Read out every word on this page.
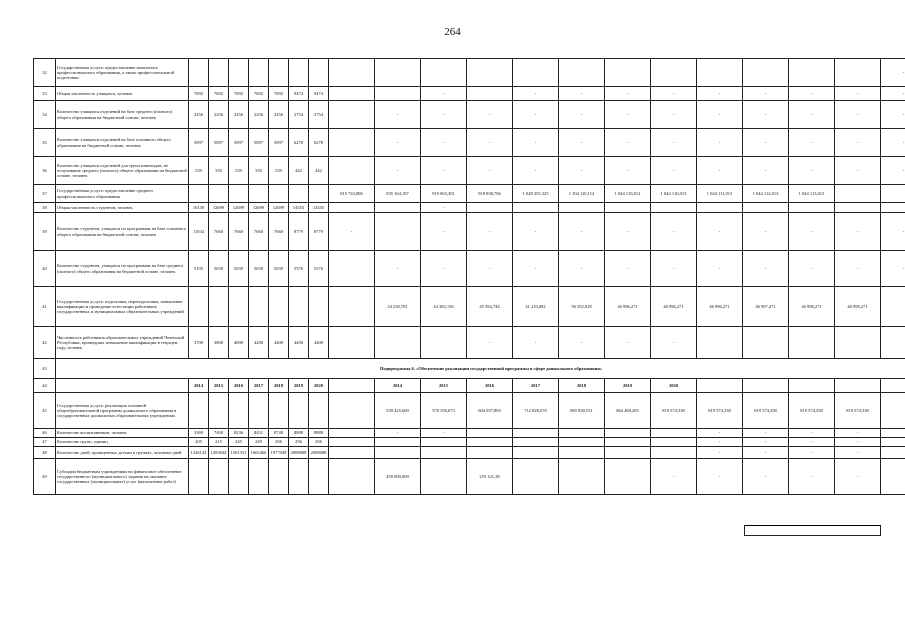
264
32	Государственная услуга: предоставление начального профессионального образования, а также профессиональной подготовки																				-
33	Общая численность учащихся, человек	7692	7692	7692	7692	7692	9474	9474			-		-	-	-	-	-	-	-	-	-
34	Количество учащихся отделений на базе среднего (полного) общего образования на бюджетной основе, человек	2256	2256	2256	2256	2256	2754	2754		-	-	-	-	-	-	-	-	-	-	-	-
35	Количество учащихся отделений на базе основного общего образования на бюджетной основе, человек	5097	5097	5097	5097	5097	6278	6278		-	-	-	-	-	-	-	-	-	-	-	-
36	Количество учащихся отделений для групп инвалидов, не получившие среднего (полного) общего образования на бюджетной основе, человек	339	339	339	339	339	442	442		-	-	-	-	-	-	-	-	-	-	-	-
37	Государственная услуга: предоставление среднего профессионального образования								815 743,886	835 164,187	819 063,301	918 838,706	1 028 355,325	1 104 110,112	1 044 110,012	1 044 110,013	1 044 111,013	1 044 112,013	1 044 113,013		
38	Общая численность студентов, человек	16139	12699	12699	12699	12699	14355	14355			-										
39	Количество студентов, учащихся по программам на базе основного общего образования на бюджетной основе, человек	11034	7660	7660	7660	7660	8779	8779	-		-	-	-	-	-	-	-	-	-	-	-
40	Количество студентов, учащихся по программам на базе среднего (полного) общего образования на бюджетной основе, человек	5105	5039	5039	5039	5039	5576	5576		-	-	-	-	-	-	-	-	-	-	-	-
41	Государственная услуга: подготовка, переподготовка, повышение квалификации и проведение аттестации работников государственных и муниципальных образовательных учреждений									34 230,701	44 382,156	45 594,744	41 210,082	56 352,818	46 996,271	46 996,271	46 996,271	46 997,271	46 998,271	46 999,271	
42	Численность работников образовательных учреждений Чеченской Республики, прошедших повышение квалификации в текущем году, человек	3700	3800	4000	4200	4400	4400	4400				-	-	-	-	-					
43	Подпрограмма 6. «Обеспечение реализации государственной программы в сфере дошкольного образования»																				
44		2014	2015	2016	2017	2018	2019	2020		2014	2015	2016	2017	2018	2019	2020					
45	Государственная услуга: реализация основной общеобразовательной программы дошкольного образования в государственных дошкольных образовательных учреждениях									539 425,600	576 356,673	604 037,803	712 828,070	865 830,531	864 469,205	819 574,338	819 574,338	819 574,338	819 574,338	819 574,338	
46	Количество воспитанников, человек	3369	7400	8236	8431	8748	8888	8888		-	-						-	-	-	-	
47	Количество групп, единиц	205	215	245	249	256	256	256									-	-	-	-	
48	Количество дней, проведенных детьми в группах, человеко-дней	1326143	1493644	1561331	1665466	1977049	2008688	2008688									-	-	-	-	
49	Субсидии бюджетным учреждениям на финансовое обеспечение государственного (муниципального) задания на оказание государственных (муниципальных) услуг (выполнение работ)									450 000,000		255 121,38				-	-	-	-	-	
